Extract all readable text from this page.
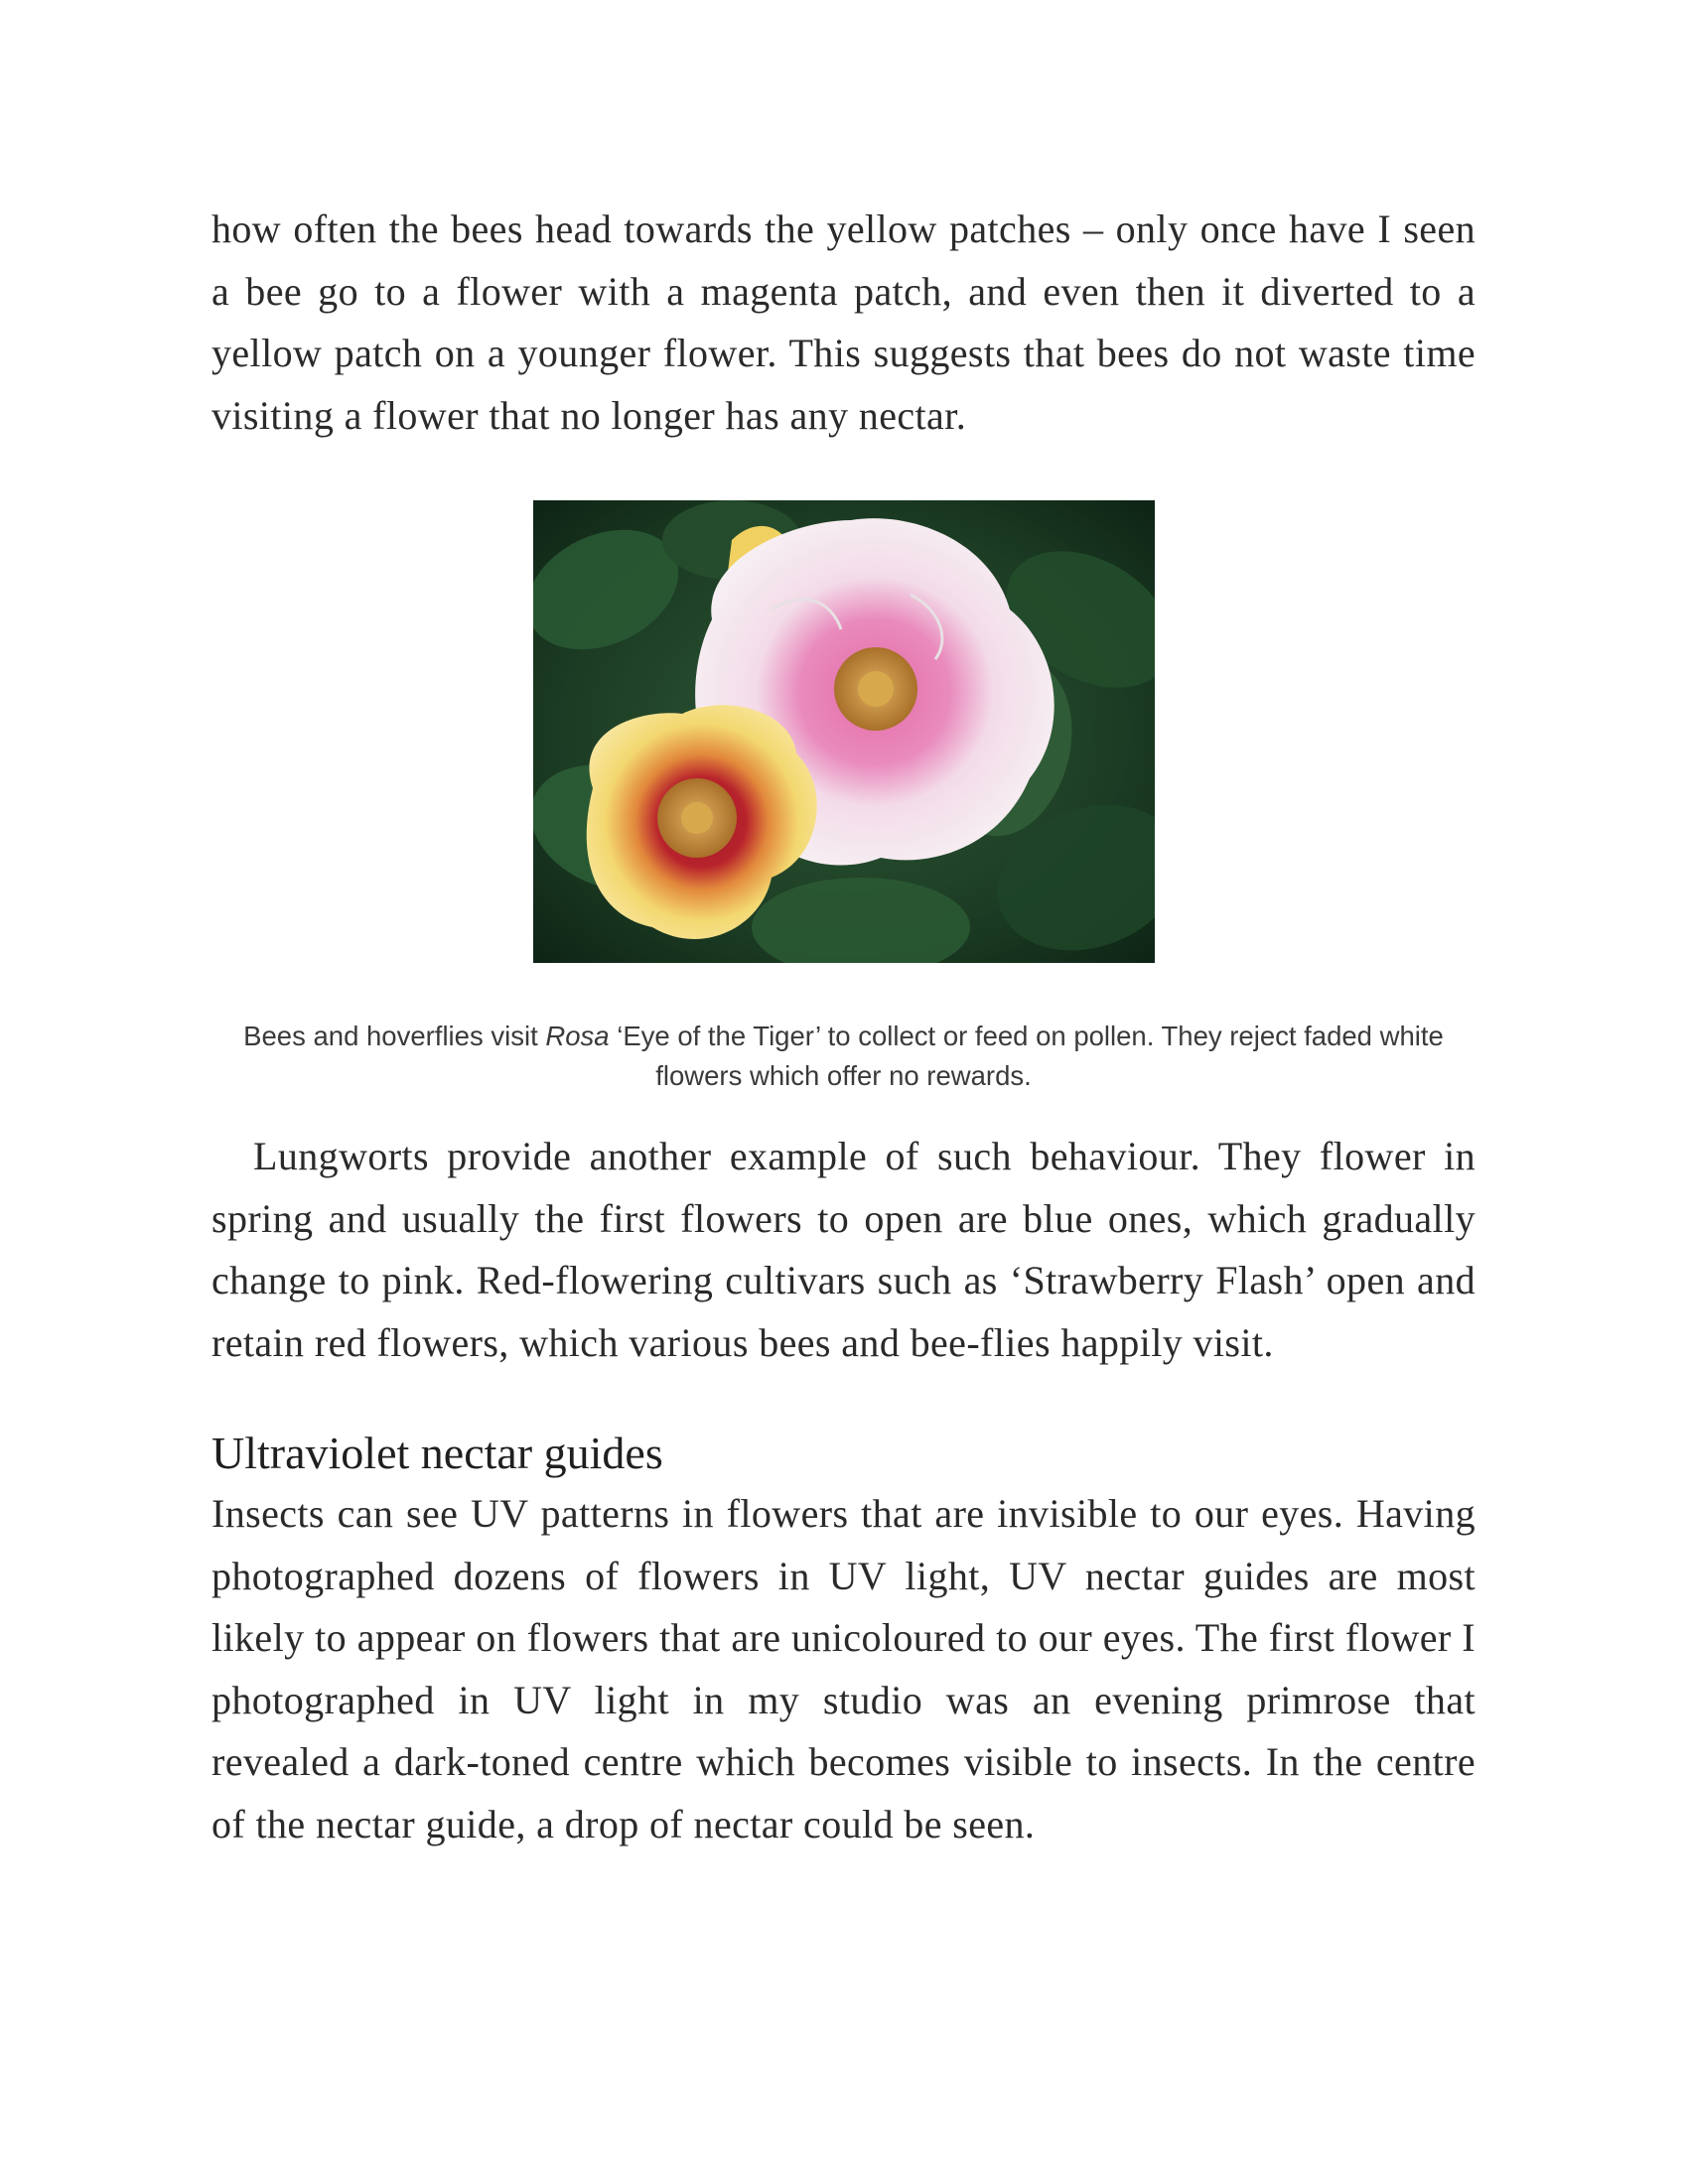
how often the bees head towards the yellow patches – only once have I seen a bee go to a flower with a magenta patch, and even then it diverted to a yellow patch on a younger flower. This suggests that bees do not waste time visiting a flower that no longer has any nectar.

Bees and hoverflies visit Rosa ‘Eye of the Tiger’ to collect or feed on pollen. They reject faded white flowers which offer no rewards.

Lungworts provide another example of such behaviour. They flower in spring and usually the first flowers to open are blue ones, which gradually change to pink. Red-flowering cultivars such as ‘Strawberry Flash’ open and retain red flowers, which various bees and bee-flies happily visit.

Ultraviolet nectar guides

Insects can see UV patterns in flowers that are invisible to our eyes. Having photographed dozens of flowers in UV light, UV nectar guides are most likely to appear on flowers that are unicoloured to our eyes. The first flower I photographed in UV light in my studio was an evening primrose that revealed a dark-toned centre which becomes visible to insects. In the centre of the nectar guide, a drop of nectar could be seen.
